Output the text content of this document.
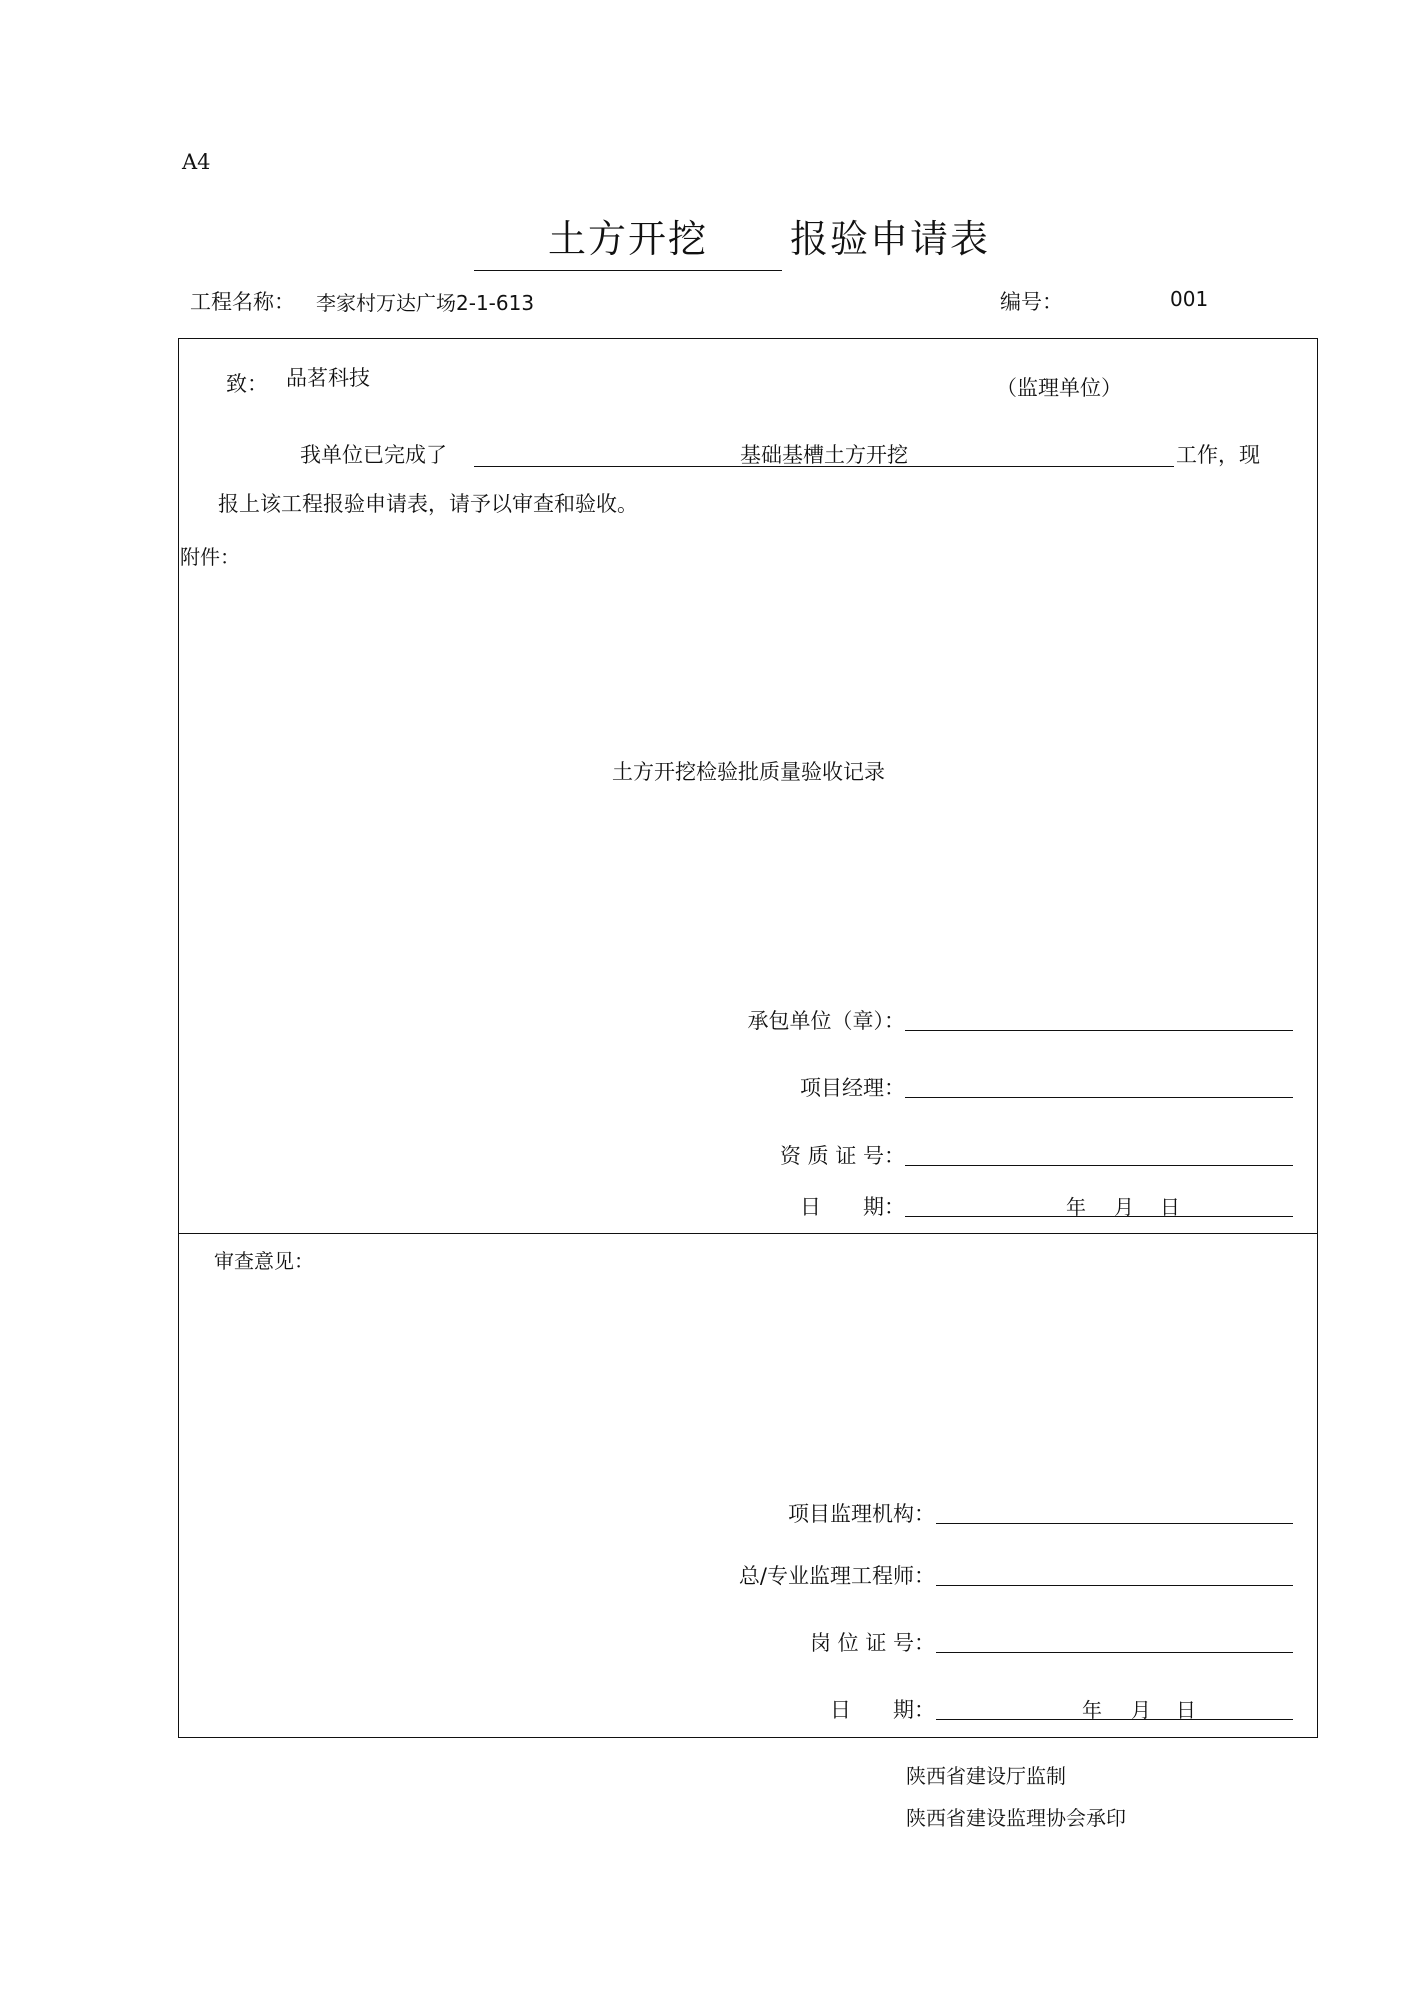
A4
土方开挖 报验申请表
工程名称： 李家村万达广场2-1-613	编号：	001
致： 品茗科技	（监理单位）
我单位已完成了	基础基槽土方开挖	工作，现
报上该工程报验申请表，请予以审查和验收。
附件：
土方开挖检验批质量验收记录
承包单位（章）：
项目经理：
资 质 证 号：
日　　期：	年 月 日
审查意见：
项目监理机构：
总/专业监理工程师：
岗 位 证 号：
日　　期：	年 月 日
陕西省建设厅监制
陕西省建设监理协会承印
